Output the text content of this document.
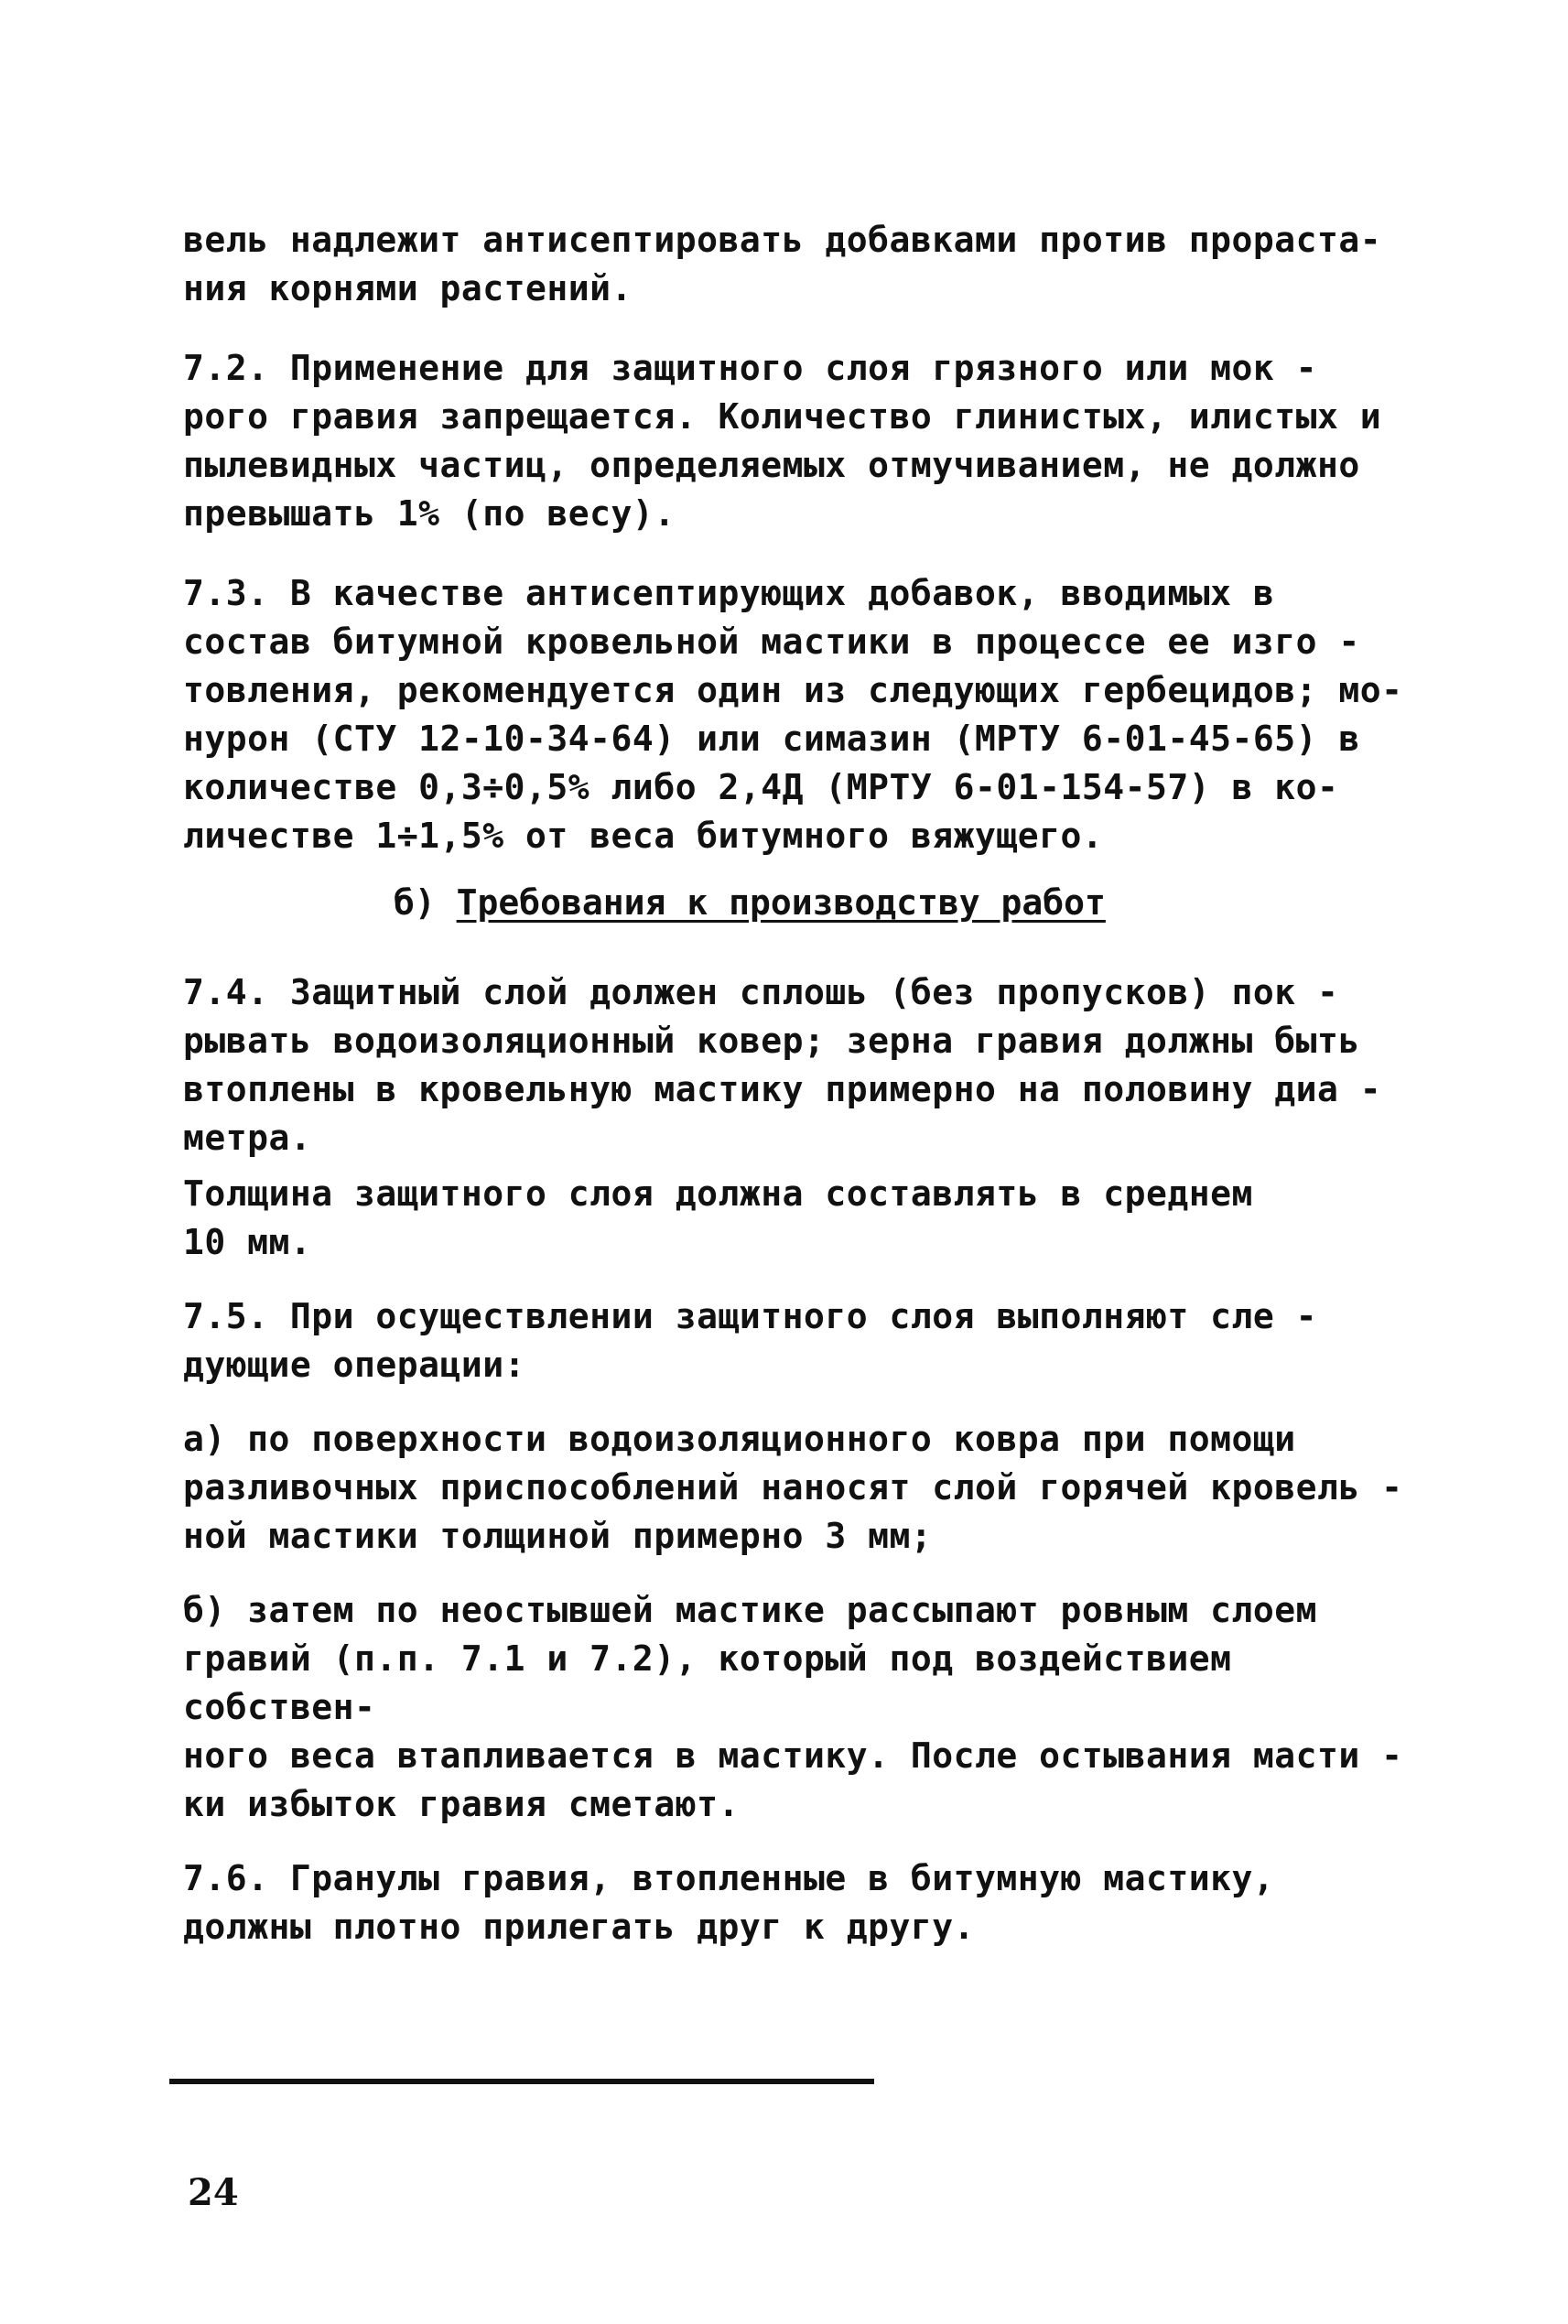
вель надлежит антисептировать добавками против прораста-
ния корнями растений.

7.2. Применение для защитного слоя грязного или мок -
рого гравия запрещается. Количество глинистых, илистых и
пылевидных частиц, определяемых отмучиванием, не должно
превышать 1% (по весу).

7.3. В качестве антисептирующих добавок, вводимых в
состав битумной кровельной мастики в процессе ее изго -
товления, рекомендуется один из следующих гербецидов; мо-
нурон (СТУ 12-10-34-64) или симазин (МРТУ 6-01-45-65) в
количестве 0,3÷0,5% либо 2,4Д (МРТУ 6-01-154-57) в ко-
личестве 1÷1,5% от веса битумного вяжущего.

б) Требования к производству работ

7.4. Защитный слой должен сплошь (без пропусков) пок -
рывать водоизоляционный ковер; зерна гравия должны быть
втоплены в кровельную мастику примерно на половину диа -
метра.

Толщина защитного слоя должна составлять в среднем
10 мм.

7.5. При осуществлении защитного слоя выполняют сле -
дующие операции:

а) по поверхности водоизоляционного ковра при помощи
разливочных приспособлений наносят слой горячей кровель -
ной мастики толщиной примерно 3 мм;

б) затем по неостывшей мастике рассыпают ровным слоем
гравий (п.п. 7.1 и 7.2), который под воздействием собствен-
ного веса втапливается в мастику. После остывания масти -
ки избыток гравия сметают.

7.6. Гранулы гравия, втопленные в битумную мастику,
должны плотно прилегать друг к другу.

24
